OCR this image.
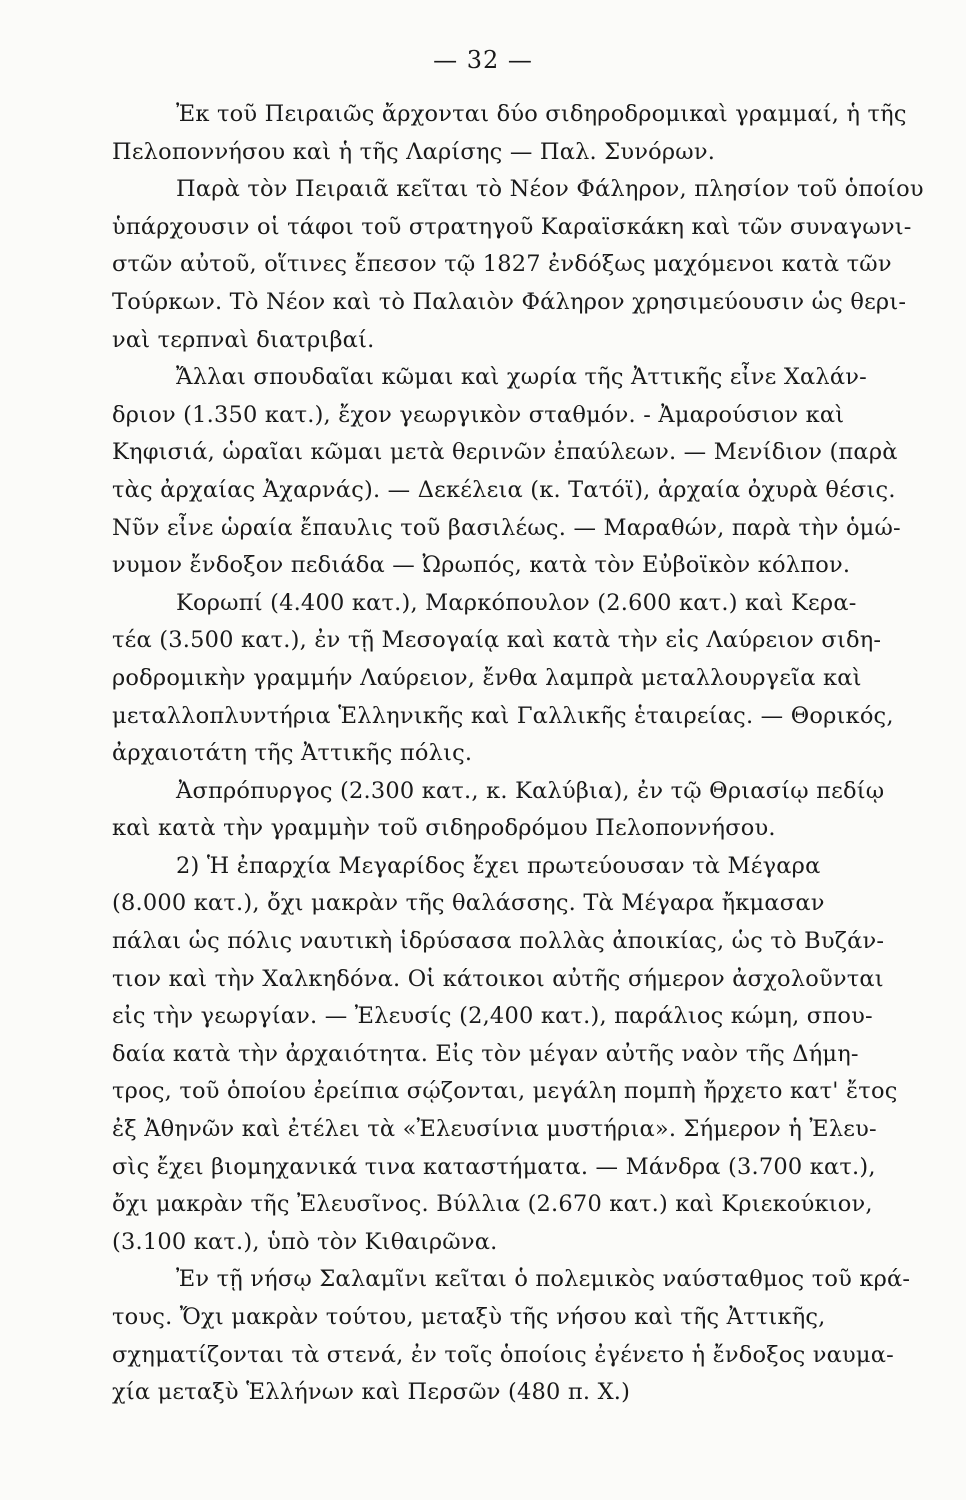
— 32 —
Ἐκ τοῦ Πειραιῶς ἄρχονται δύο σιδηροδρομικαὶ γραμμαί, ἡ τῆς
Πελοποννήσου καὶ ἡ τῆς Λαρίσης — Παλ. Συνόρων.
Παρὰ τὸν Πειραιᾶ κεῖται τὸ Νέον Φάληρον, πλησίον τοῦ ὁποίου
ὑπάρχουσιν οἱ τάφοι τοῦ στρατηγοῦ Καραϊσκάκη καὶ τῶν συναγωνι-
στῶν αὐτοῦ, οἵτινες ἔπεσον τῷ 1827 ἐνδόξως μαχόμενοι κατὰ τῶν
Τούρκων. Τὸ Νέον καὶ τὸ Παλαιὸν Φάληρον χρησιμεύουσιν ὡς θερι-
ναὶ τερπναὶ διατριβαί.
Ἄλλαι σπουδαῖαι κῶμαι καὶ χωρία τῆς Ἀττικῆς εἶνε Χαλάν-
δριον (1.350 κατ.), ἔχον γεωργικὸν σταθμόν. - Ἀμαρούσιον καὶ
Κηφισιά, ὡραῖαι κῶμαι μετὰ θερινῶν ἐπαύλεων. — Μενίδιον (παρὰ
τὰς ἀρχαίας Ἀχαρνάς). — Δεκέλεια (κ. Τατόϊ), ἀρχαία ὀχυρὰ θέσις.
Νῦν εἶνε ὡραία ἔπαυλις τοῦ βασιλέως. — Μαραθών, παρὰ τὴν ὁμώ-
νυμον ἔνδοξον πεδιάδα — Ὠρωπός, κατὰ τὸν Εὐβοϊκὸν κόλπον.
Κορωπί (4.400 κατ.), Μαρκόπουλον (2.600 κατ.) καὶ Κερα-
τέα (3.500 κατ.), ἐν τῇ Μεσογαίᾳ καὶ κατὰ τὴν εἰς Λαύρειον σιδη-
ροδρομικὴν γραμμήν Λαύρειον, ἔνθα λαμπρὰ μεταλλουργεῖα καὶ
μεταλλοπλυντήρια Ἑλληνικῆς καὶ Γαλλικῆς ἑταιρείας. — Θορικός,
ἀρχαιοτάτη τῆς Ἀττικῆς πόλις.
Ἀσπρόπυργος (2.300 κατ., κ. Καλύβια), ἐν τῷ Θριασίῳ πεδίῳ
καὶ κατὰ τὴν γραμμὴν τοῦ σιδηροδρόμου Πελοποννήσου.
2) Ἡ ἐπαρχία Μεγαρίδος ἔχει πρωτεύουσαν τὰ Μέγαρα
(8.000 κατ.), ὄχι μακρὰν τῆς θαλάσσης. Τὰ Μέγαρα ἤκμασαν
πάλαι ὡς πόλις ναυτικὴ ἱδρύσασα πολλὰς ἀποικίας, ὡς τὸ Βυζάν-
τιον καὶ τὴν Χαλκηδόνα. Οἱ κάτοικοι αὐτῆς σήμερον ἀσχολοῦνται
εἰς τὴν γεωργίαν. — Ἐλευσίς (2,400 κατ.), παράλιος κώμη, σπου-
δαία κατὰ τὴν ἀρχαιότητα. Εἰς τὸν μέγαν αὐτῆς ναὸν τῆς Δήμη-
τρος, τοῦ ὁποίου ἐρείπια σῴζονται, μεγάλη πομπὴ ἤρχετο κατ' ἔτος
ἐξ Ἀθηνῶν καὶ ἐτέλει τὰ «Ἐλευσίνια μυστήρια». Σήμερον ἡ Ἐλευ-
σὶς ἔχει βιομηχανικά τινα καταστήματα. — Μάνδρα (3.700 κατ.),
ὄχι μακρὰν τῆς Ἐλευσῖνος. Βύλλια (2.670 κατ.) καὶ Κριεκούκιον,
(3.100 κατ.), ὑπὸ τὸν Κιθαιρῶνα.
Ἐν τῇ νήσῳ Σαλαμῖνι κεῖται ὁ πολεμικὸς ναύσταθμος τοῦ κρά-
τους. Ὄχι μακρὰν τούτου, μεταξὺ τῆς νήσου καὶ τῆς Ἀττικῆς,
σχηματίζονται τὰ στενά, ἐν τοῖς ὁποίοις ἐγένετο ἡ ἔνδοξος ναυμα-
χία μεταξὺ Ἑλλήνων καὶ Περσῶν (480 π. Χ.)
